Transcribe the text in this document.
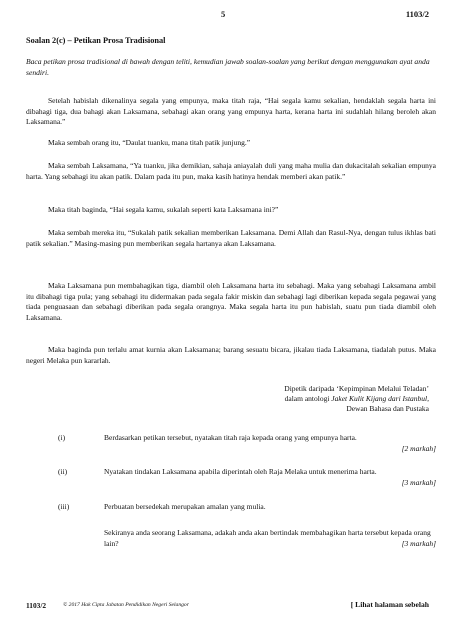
5	1103/2
Soalan 2(c) – Petikan Prosa Tradisional
Baca petikan prosa tradisional di bawah dengan teliti, kemudian jawab soalan-soalan yang berikut dengan menggunakan ayat anda sendiri.
Setelah habislah dikenalinya segala yang empunya, maka titah raja, “Hai segala kamu sekalian, hendaklah segala harta ini dibahagi tiga, dua bahagi akan Laksamana, sebahagi akan orang yang empunya harta, kerana harta ini sudahlah hilang beroleh akan Laksamana.”
Maka sembah orang itu, “Daulat tuanku, mana titah patik junjung.”
Maka sembah Laksamana, “Ya tuanku, jika demikian, sahaja aniayalah duli yang maha mulia dan dukacitalah sekalian empunya harta. Yang sebahagi itu akan patik. Dalam pada itu pun, maka kasih hatinya hendak memberi akan patik.”
Maka titah baginda, “Hai segala kamu, sukalah seperti kata Laksamana ini?”
Maka sembah mereka itu, “Sukalah patik sekalian memberikan Laksamana. Demi Allah dan Rasul-Nya, dengan tulus ikhlas bati patik sekalian.” Masing-masing pun memberikan segala hartanya akan Laksamana.
Maka Laksamana pun membahagikan tiga, diambil oleh Laksamana harta itu sebahagi. Maka yang sebahagi Laksamana ambil itu dibahagi tiga pula; yang sebahagi itu didermakan pada segala fakir miskin dan sebahagi lagi diberikan kepada segala pegawai yang tiada penguasaan dan sebahagi diberikan pada segala orangnya. Maka segala harta itu pun habislah, suatu pun tiada diambil oleh Laksamana.
Maka baginda pun terlalu amat kurnia akan Laksamana; barang sesuatu bicara, jikalau tiada Laksamana, tiadalah putus. Maka negeri Melaka pun kararlah.
Dipetik daripada ‘Kepimpinan Melalui Teladan’
dalam antologi Jaket Kulit Kijang dari Istanbul,
Dewan Bahasa dan Pustaka
(i)	Berdasarkan petikan tersebut, nyatakan titah raja kepada orang yang empunya harta.
[2 markah]
(ii)	Nyatakan tindakan Laksamana apabila diperintah oleh Raja Melaka untuk menerima harta.
[3 markah]
(iii)	Perbuatan bersedekah merupakan amalan yang mulia.
Sekiranya anda seorang Laksamana, adakah anda akan bertindak membahagikan harta tersebut kepada orang lain?	[3 markah]
1103/2	© 2017 Hak Cipta Jabatan Pendidikan Negeri Selangor	[ Lihat halaman sebelah
